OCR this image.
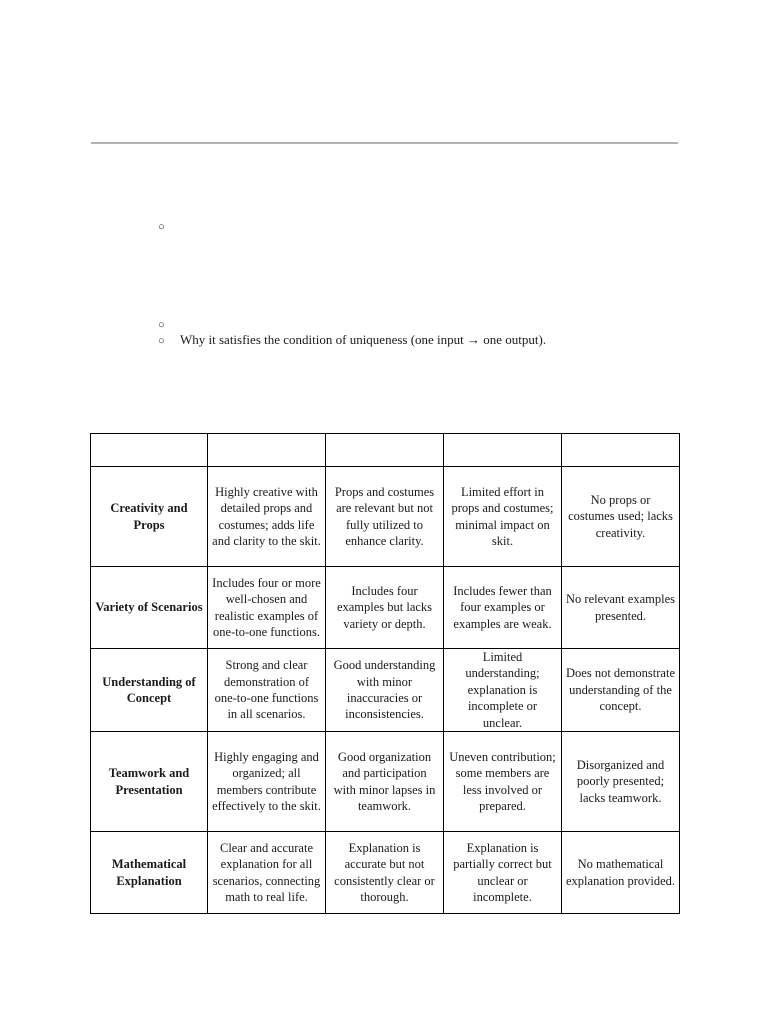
○
○
○ Why it satisfies the condition of uniqueness (one input → one output).

Creativity and Props	Highly creative with detailed props and costumes; adds life and clarity to the skit.	Props and costumes are relevant but not fully utilized to enhance clarity.	Limited effort in props and costumes; minimal impact on skit.	No props or costumes used; lacks creativity.
Variety of Scenarios	Includes four or more well-chosen and realistic examples of one-to-one functions.	Includes four examples but lacks variety or depth.	Includes fewer than four examples or examples are weak.	No relevant examples presented.
Understanding of Concept	Strong and clear demonstration of one-to-one functions in all scenarios.	Good understanding with minor inaccuracies or inconsistencies.	Limited understanding; explanation is incomplete or unclear.	Does not demonstrate understanding of the concept.
Teamwork and Presentation	Highly engaging and organized; all members contribute effectively to the skit.	Good organization and participation with minor lapses in teamwork.	Uneven contribution; some members are less involved or prepared.	Disorganized and poorly presented; lacks teamwork.
Mathematical Explanation	Clear and accurate explanation for all scenarios, connecting math to real life.	Explanation is accurate but not consistently clear or thorough.	Explanation is partially correct but unclear or incomplete.	No mathematical explanation provided.
